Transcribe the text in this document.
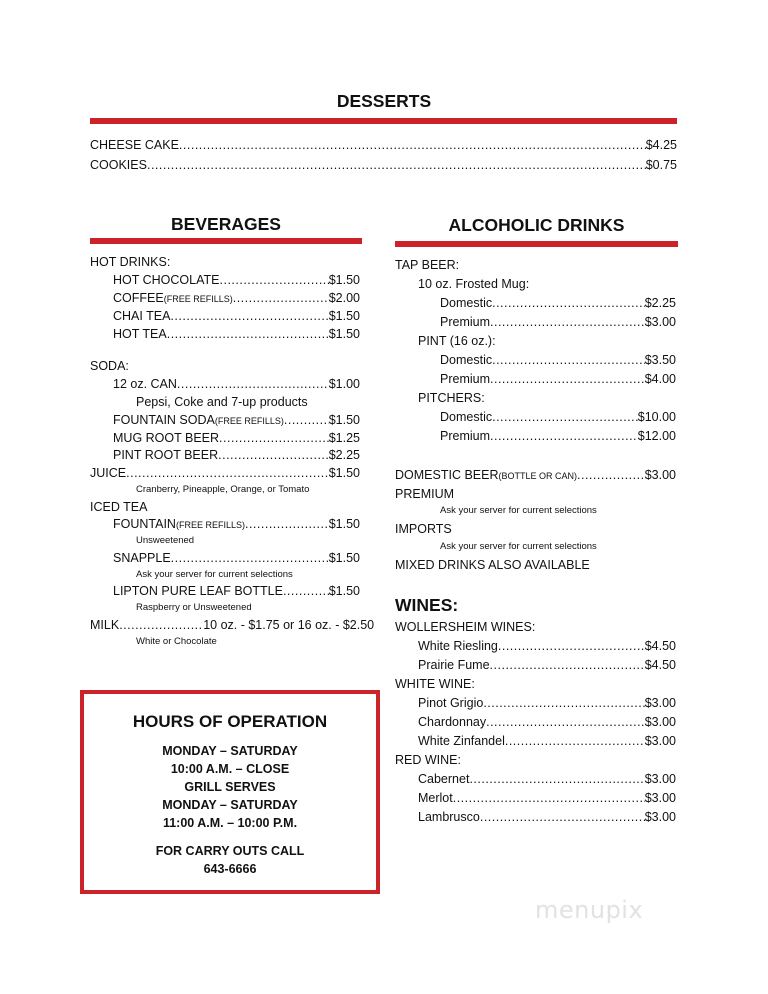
DESSERTS
CHEESE CAKE .....	$4.25
COOKIES .....	$0.75
BEVERAGES
HOT DRINKS:
HOT CHOCOLATE .....	$1.50
COFFEE (FREE REFILLS) .....	$2.00
CHAI TEA .....	$1.50
HOT TEA .....	$1.50
SODA:
12 oz. CAN .....	$1.00
Pepsi, Coke and 7-up products
FOUNTAIN SODA (FREE REFILLS) .....	$1.50
MUG ROOT BEER .....	$1.25
PINT ROOT BEER .....	$2.25
JUICE .....	$1.50
Cranberry, Pineapple, Orange, or Tomato
ICED TEA
FOUNTAIN (FREE REFILLS) .....	$1.50
Unsweetened
SNAPPLE .....	$1.50
Ask your server for current selections
LIPTON PURE LEAF BOTTLE .....	$1.50
Raspberry or Unsweetened
MILK .....	10 oz. - $1.75 or 16 oz. - $2.50
White or Chocolate
HOURS OF OPERATION
MONDAY – SATURDAY
10:00 A.M. – CLOSE
GRILL SERVES
MONDAY – SATURDAY
11:00 A.M. – 10:00 P.M.
FOR CARRY OUTS CALL
643-6666
ALCOHOLIC DRINKS
TAP BEER:
10 oz. Frosted Mug:
Domestic .....	$2.25
Premium .....	$3.00
PINT (16 oz.):
Domestic .....	$3.50
Premium .....	$4.00
PITCHERS:
Domestic .....	$10.00
Premium .....	$12.00
DOMESTIC BEER (BOTTLE OR CAN) .....	$3.00
PREMIUM
Ask your server for current selections
IMPORTS
Ask your server for current selections
MIXED DRINKS ALSO AVAILABLE
WINES:
WOLLERSHEIM WINES:
White Riesling .....	$4.50
Prairie Fume .....	$4.50
WHITE WINE:
Pinot Grigio .....	$3.00
Chardonnay .....	$3.00
White Zinfandel .....	$3.00
RED WINE:
Cabernet .....	$3.00
Merlot .....	$3.00
Lambrusco .....	$3.00
menupix
